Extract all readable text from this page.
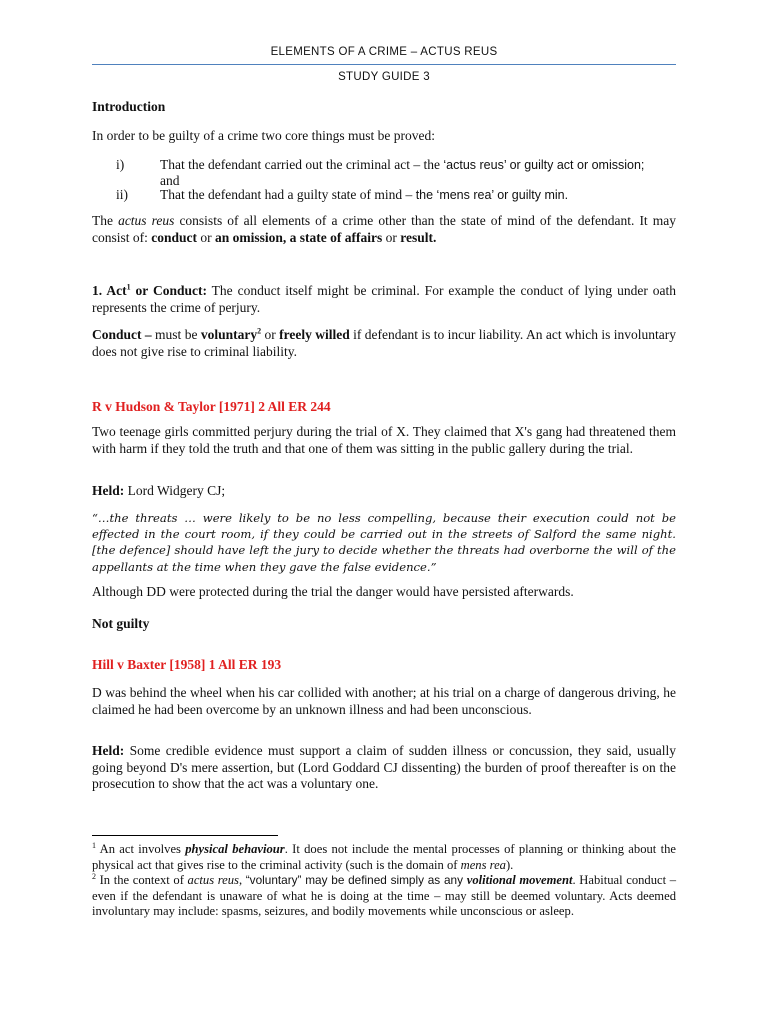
ELEMENTS OF A CRIME – ACTUS REUS
STUDY GUIDE 3
Introduction
In order to be guilty of a crime two core things must be proved:
i)	That the defendant carried out the criminal act – the ‘actus reus’ or guilty act or omission;
and
ii) That the defendant had a guilty state of mind – the ‘mens rea’ or guilty min.
The actus reus consists of all elements of a crime other than the state of mind of the defendant. It may consist of: conduct or an omission, a state of affairs or result.
1. Act$^1$ or Conduct: The conduct itself might be criminal. For example the conduct of lying under oath represents the crime of perjury.
Conduct – must be voluntary$^2$ or freely willed if defendant is to incur liability. An act which is involuntary does not give rise to criminal liability.
R v Hudson & Taylor [1971] 2 All ER 244
Two teenage girls committed perjury during the trial of X. They claimed that X's gang had threatened them with harm if they told the truth and that one of them was sitting in the public gallery during the trial.
Held: Lord Widgery CJ;
“…the threats … were likely to be no less compelling, because their execution could not be effected in the court room, if they could be carried out in the streets of Salford the same night. [the defence] should have left the jury to decide whether the threats had overborne the will of the appellants at the time when they gave the false evidence.”
Although DD were protected during the trial the danger would have persisted afterwards.
Not guilty
Hill v Baxter [1958] 1 All ER 193
D was behind the wheel when his car collided with another; at his trial on a charge of dangerous driving, he claimed he had been overcome by an unknown illness and had been unconscious.
Held: Some credible evidence must support a claim of sudden illness or concussion, they said, usually going beyond D's mere assertion, but (Lord Goddard CJ dissenting) the burden of proof thereafter is on the prosecution to show that the act was a voluntary one.
$^1$ An act involves physical behaviour. It does not include the mental processes of planning or thinking about the physical act that gives rise to the criminal activity (such is the domain of mens rea).
$^2$ In the context of actus reus, “voluntary” may be defined simply as any volitional movement. Habitual conduct – even if the defendant is unaware of what he is doing at the time – may still be deemed voluntary. Acts deemed involuntary may include: spasms, seizures, and bodily movements while unconscious or asleep.
